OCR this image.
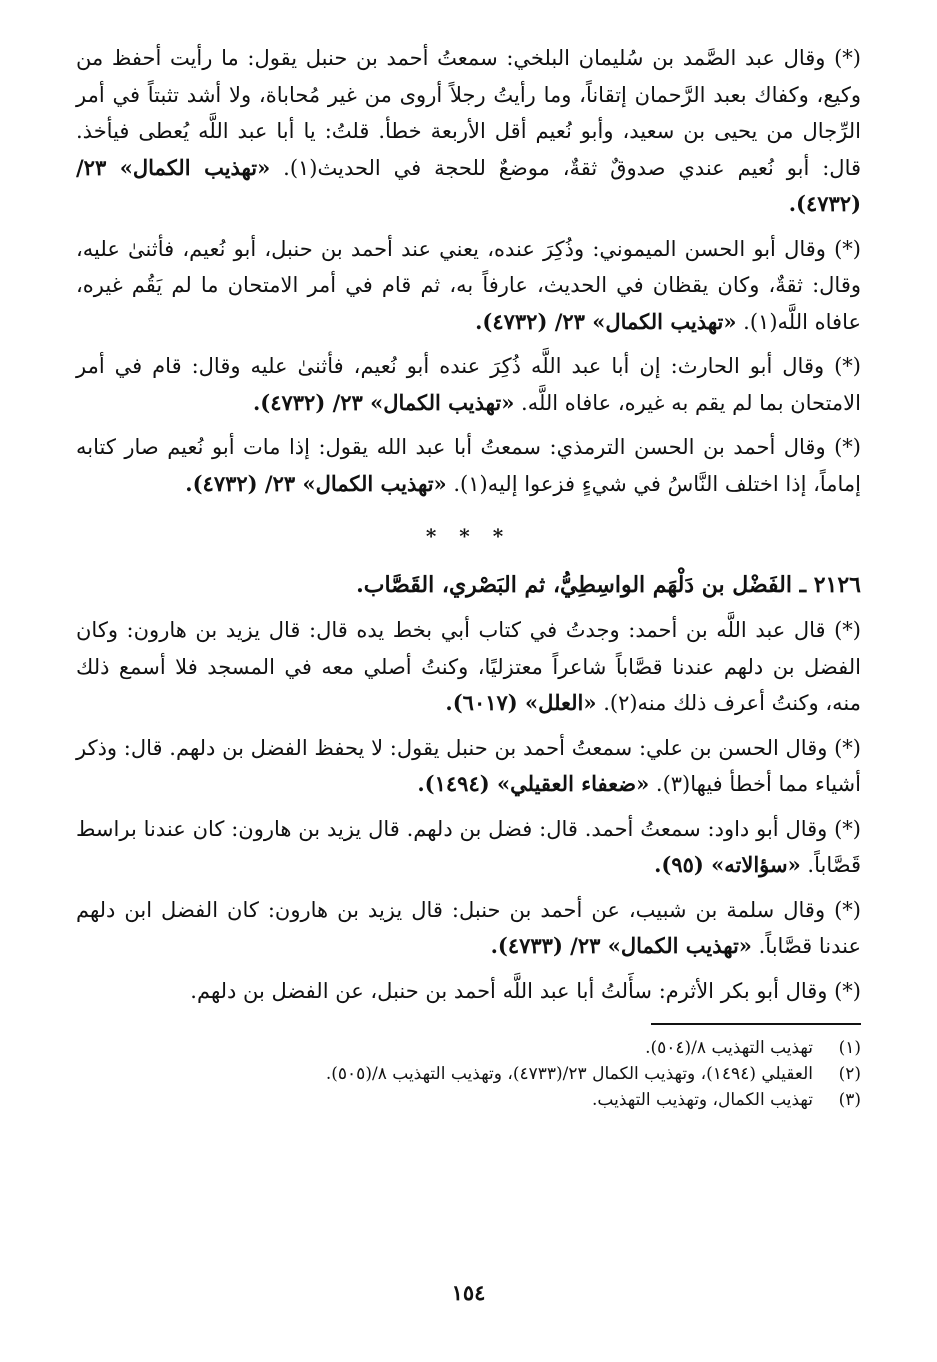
(*) وقال عبد الصَّمد بن سُليمان البلخي: سمعتُ أحمد بن حنبل يقول: ما رأيت أحفظ من وكيع، وكفاك بعبد الرَّحمان إتقاناً، وما رأيتُ رجلاً أروى من غير مُحاباة، ولا أشد تثبتاً في أمر الرِّجال من يحيى بن سعيد، وأبو نُعيم أقل الأربعة خطأ. قلتُ: يا أبا عبد اللَّه يُعطى فيأخذ. قال: أبو نُعيم عندي صدوقٌ ثقةٌ، موضعٌ للحجة في الحديث(١). «تهذيب الكمال» ٢٣/ (٤٧٣٢).

(*) وقال أبو الحسن الميموني: وذُكِرَ عنده، يعني عند أحمد بن حنبل، أبو نُعيم، فأثنىٰ عليه، وقال: ثقةٌ، وكان يقظان في الحديث، عارفاً به، ثم قام في أمر الامتحان ما لم يَقُم غيره، عافاه اللَّه(١). «تهذيب الكمال» ٢٣/ (٤٧٣٢).

(*) وقال أبو الحارث: إن أبا عبد اللَّه ذُكِرَ عنده أبو نُعيم، فأثنىٰ عليه وقال: قام في أمر الامتحان بما لم يقم به غيره، عافاه اللَّه. «تهذيب الكمال» ٢٣/ (٤٧٣٢).

(*) وقال أحمد بن الحسن الترمذي: سمعتُ أبا عبد الله يقول: إذا مات أبو نُعيم صار كتابه إماماً، إذا اختلف النَّاسُ في شيءٍ فزعوا إليه(١). «تهذيب الكمال» ٢٣/ (٤٧٣٢).

* * *
٢١٢٦ ـ الفَضْل بن دَلْهَم الواسِطِيُّ، ثم البَصْري، القَصَّاب.

(*) قال عبد اللَّه بن أحمد: وجدتُ في كتاب أبي بخط يده قال: قال يزيد بن هارون: وكان الفضل بن دلهم عندنا قصَّاباً شاعراً معتزليًا، وكنتُ أصلي معه في المسجد فلا أسمع ذلك منه، وكنتُ أعرف ذلك منه(٢). «العلل» (٦٠١٧).

(*) وقال الحسن بن علي: سمعتُ أحمد بن حنبل يقول: لا يحفظ الفضل بن دلهم. قال: وذكر أشياء مما أخطأ فيها(٣). «ضعفاء العقيلي» (١٤٩٤).

(*) وقال أبو داود: سمعتُ أحمد. قال: فضل بن دلهم. قال يزيد بن هارون: كان عندنا براسط قَصَّاباً. «سؤالاته» (٩٥).

(*) وقال سلمة بن شبيب، عن أحمد بن حنبل: قال يزيد بن هارون: كان الفضل ابن دلهم عندنا قصَّاباً. «تهذيب الكمال» ٢٣/ (٤٧٣٣).

(*) وقال أبو بكر الأثرم: سأَلتُ أبا عبد اللَّه أحمد بن حنبل، عن الفضل بن دلهم.

(١)
تهذيب التهذيب ٨/(٥٠٤).
(٢)
العقيلي (١٤٩٤)، وتهذيب الكمال ٢٣/(٤٧٣٣)، وتهذيب التهذيب ٨/(٥٠٥).
(٣)
تهذيب الكمال، وتهذيب التهذيب.
١٥٤
